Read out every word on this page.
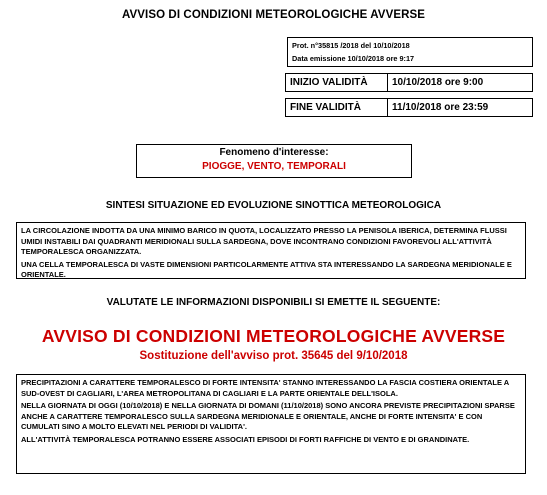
AVVISO DI CONDIZIONI METEOROLOGICHE AVVERSE
Prot. n°35815 /2018 del 10/10/2018
Data emissione 10/10/2018 ore 9:17
INIZIO VALIDITÀ 10/10/2018 ore 9:00
FINE VALIDITÀ	11/10/2018 ore 23:59
Fenomeno d'interesse:
PIOGGE, VENTO, TEMPORALI
SINTESI SITUAZIONE ED EVOLUZIONE SINOTTICA METEOROLOGICA

LA CIRCOLAZIONE INDOTTA DA UNA MINIMO BARICO IN QUOTA, LOCALIZZATO PRESSO LA PENISOLA IBERICA, DETERMINA FLUSSI UMIDI INSTABILI DAI QUADRANTI MERIDIONALI SULLA SARDEGNA, DOVE INCONTRANO CONDIZIONI FAVOREVOLI ALL'ATTIVITÀ TEMPORALESCA ORGANIZZATA.

UNA CELLA TEMPORALESCA DI VASTE DIMENSIONI PARTICOLARMENTE ATTIVA STA INTERESSANDO LA SARDEGNA MERIDIONALE E ORIENTALE.

VALUTATE LE INFORMAZIONI DISPONIBILI SI EMETTE IL SEGUENTE:
AVVISO DI CONDIZIONI METEOROLOGICHE AVVERSE
Sostituzione dell'avviso prot. 35645 del 9/10/2018

PRECIPITAZIONI A CARATTERE TEMPORALESCO DI FORTE INTENSITA' STANNO INTERESSANDO LA FASCIA COSTIERA ORIENTALE A SUD-OVEST DI CAGLIARI, L'AREA METROPOLITANA DI CAGLIARI E LA PARTE ORIENTALE DELL'ISOLA.

NELLA GIORNATA DI OGGI (10/10/2018) E NELLA GIORNATA DI DOMANI (11/10/2018) SONO ANCORA PREVISTE PRECIPITAZIONI SPARSE ANCHE A CARATTERE TEMPORALESCO SULLA SARDEGNA MERIDIONALE E ORIENTALE, ANCHE DI FORTE INTENSITA' E CON CUMULATI SINO A MOLTO ELEVATI NEL PERIODI DI VALIDITA'.

ALL'ATTIVITÀ TEMPORALESCA POTRANNO ESSERE ASSOCIATI EPISODI DI FORTI RAFFICHE DI VENTO E DI GRANDINATE.
